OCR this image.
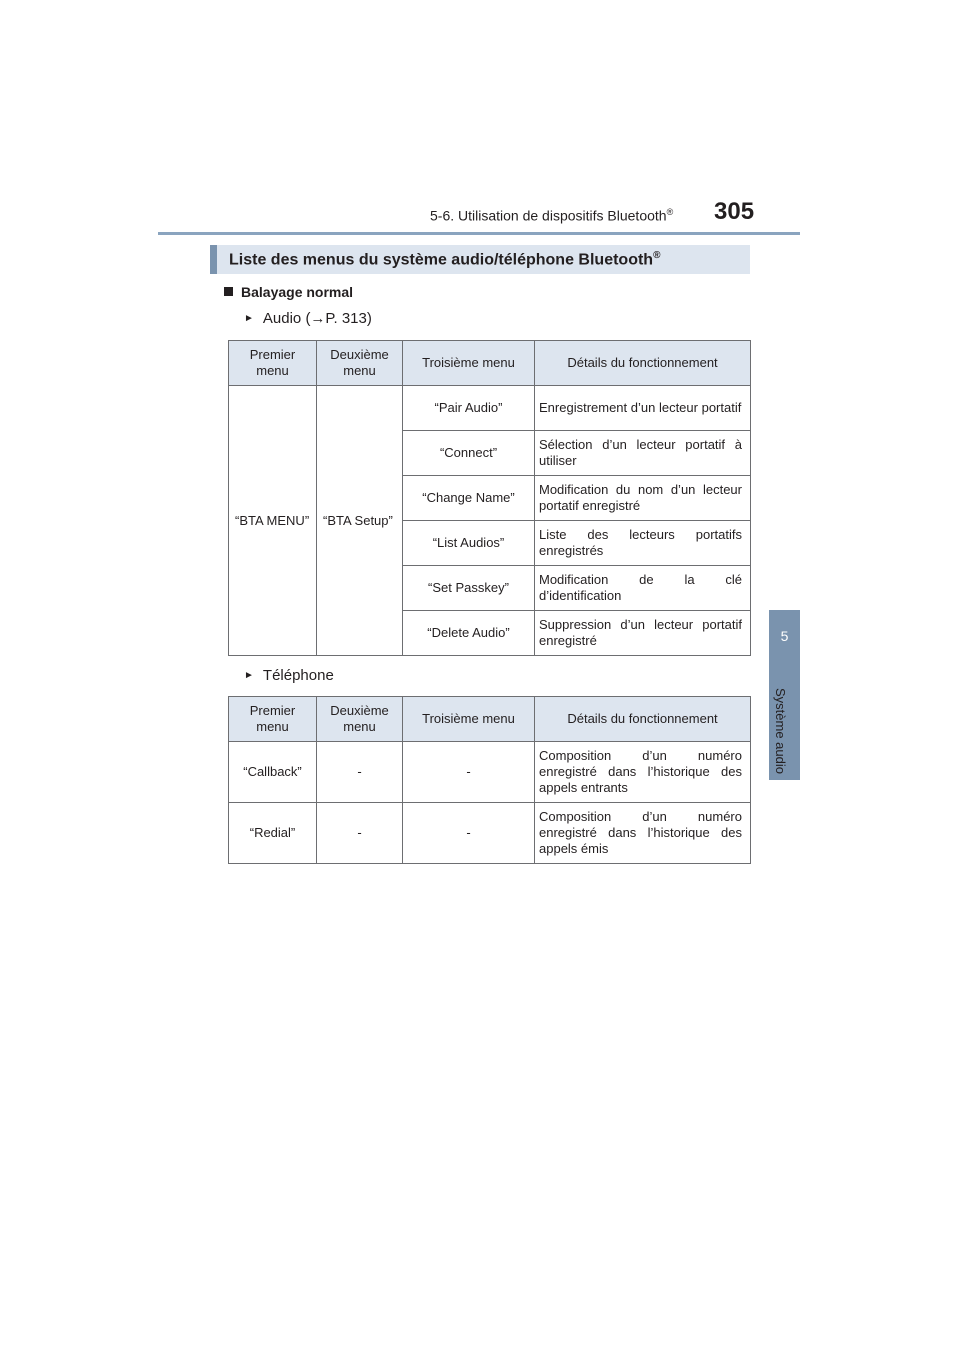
5-6. Utilisation de dispositifs Bluetooth® 305
5
Système audio
Liste des menus du système audio/téléphone Bluetooth®
Balayage normal
► Audio (→P. 313)
Premier menu	Deuxième menu	Troisième menu	Détails du fonctionnement
“BTA MENU”	“BTA Setup”	“Pair Audio”	Enregistrement d’un lecteur portatif
		“Connect”	Sélection d’un lecteur portatif à utiliser
		“Change Name”	Modification du nom d’un lecteur portatif enregistré
		“List Audios”	Liste des lecteurs portatifs enregistrés
		“Set Passkey”	Modification de la clé d’identification
		“Delete Audio”	Suppression d’un lecteur portatif enregistré
► Téléphone
Premier menu	Deuxième menu	Troisième menu	Détails du fonctionnement
“Callback”	-	-	Composition d’un numéro enregistré dans l’historique des appels entrants
“Redial”	-	-	Composition d’un numéro enregistré dans l’historique des appels émis
